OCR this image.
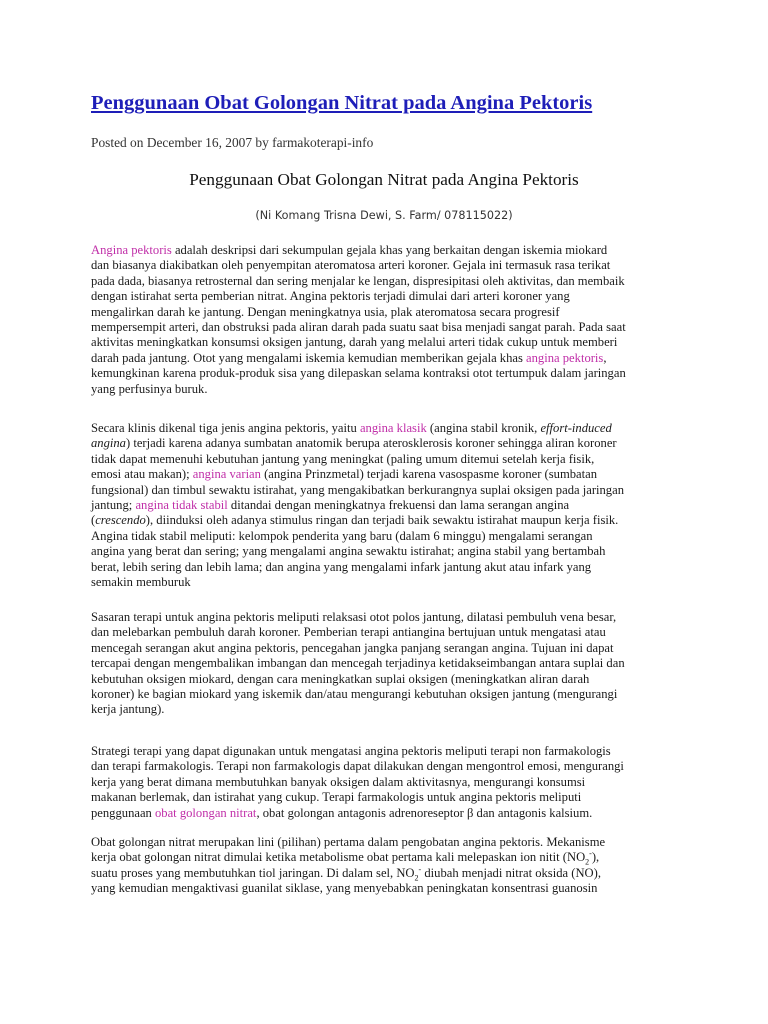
Penggunaan Obat Golongan Nitrat pada Angina Pektoris
Posted on December 16, 2007 by farmakoterapi-info
Penggunaan Obat Golongan Nitrat pada Angina Pektoris
(Ni Komang Trisna Dewi, S. Farm/ 078115022)

Angina pektoris adalah deskripsi dari sekumpulan gejala khas yang berkaitan dengan iskemia miokard
dan biasanya diakibatkan oleh penyempitan ateromatosa arteri koroner. Gejala ini termasuk rasa terikat
pada dada, biasanya retrosternal dan sering menjalar ke lengan, dispresipitasi oleh aktivitas, dan membaik
dengan istirahat serta pemberian nitrat. Angina pektoris terjadi dimulai dari arteri koroner yang
mengalirkan darah ke jantung. Dengan meningkatnya usia, plak ateromatosa secara progresif
mempersempit arteri, dan obstruksi pada aliran darah pada suatu saat bisa menjadi sangat parah. Pada saat
aktivitas meningkatkan konsumsi oksigen jantung, darah yang melalui arteri tidak cukup untuk memberi
darah pada jantung. Otot yang mengalami iskemia kemudian memberikan gejala khas angina pektoris,
kemungkinan karena produk-produk sisa yang dilepaskan selama kontraksi otot tertumpuk dalam jaringan
yang perfusinya buruk.

Secara klinis dikenal tiga jenis angina pektoris, yaitu angina klasik (angina stabil kronik, effort-induced
angina) terjadi karena adanya sumbatan anatomik berupa aterosklerosis koroner sehingga aliran koroner
tidak dapat memenuhi kebutuhan jantung yang meningkat (paling umum ditemui setelah kerja fisik,
emosi atau makan); angina varian (angina Prinzmetal) terjadi karena vasospasme koroner (sumbatan
fungsional) dan timbul sewaktu istirahat, yang mengakibatkan berkurangnya suplai oksigen pada jaringan
jantung; angina tidak stabil ditandai dengan meningkatnya frekuensi dan lama serangan angina
(crescendo), diinduksi oleh adanya stimulus ringan dan terjadi baik sewaktu istirahat maupun kerja fisik.
Angina tidak stabil meliputi: kelompok penderita yang baru (dalam 6 minggu) mengalami serangan
angina yang berat dan sering; yang mengalami angina sewaktu istirahat; angina stabil yang bertambah
berat, lebih sering dan lebih lama; dan angina yang mengalami infark jantung akut atau infark yang
semakin memburuk

Sasaran terapi untuk angina pektoris meliputi relaksasi otot polos jantung, dilatasi pembuluh vena besar,
dan melebarkan pembuluh darah koroner. Pemberian terapi antiangina bertujuan untuk mengatasi atau
mencegah serangan akut angina pektoris, pencegahan jangka panjang serangan angina. Tujuan ini dapat
tercapai dengan mengembalikan imbangan dan mencegah terjadinya ketidakseimbangan antara suplai dan
kebutuhan oksigen miokard, dengan cara meningkatkan suplai oksigen (meningkatkan aliran darah
koroner) ke bagian miokard yang iskemik dan/atau mengurangi kebutuhan oksigen jantung (mengurangi
kerja jantung).

Strategi terapi yang dapat digunakan untuk mengatasi angina pektoris meliputi terapi non farmakologis
dan terapi farmakologis. Terapi non farmakologis dapat dilakukan dengan mengontrol emosi, mengurangi
kerja yang berat dimana membutuhkan banyak oksigen dalam aktivitasnya, mengurangi konsumsi
makanan berlemak, dan istirahat yang cukup. Terapi farmakologis untuk angina pektoris meliputi
penggunaan obat golongan nitrat, obat golongan antagonis adrenoreseptor β dan antagonis kalsium.

Obat golongan nitrat merupakan lini (pilihan) pertama dalam pengobatan angina pektoris. Mekanisme
kerja obat golongan nitrat dimulai ketika metabolisme obat pertama kali melepaskan ion nitit $(NO_2^-)$,
suatu proses yang membutuhkan tiol jaringan. Di dalam sel, $NO_2^-$ diubah menjadi nitrat oksida (NO),
yang kemudian mengaktivasi guanilat siklase, yang menyebabkan peningkatan konsentrasi guanosin
